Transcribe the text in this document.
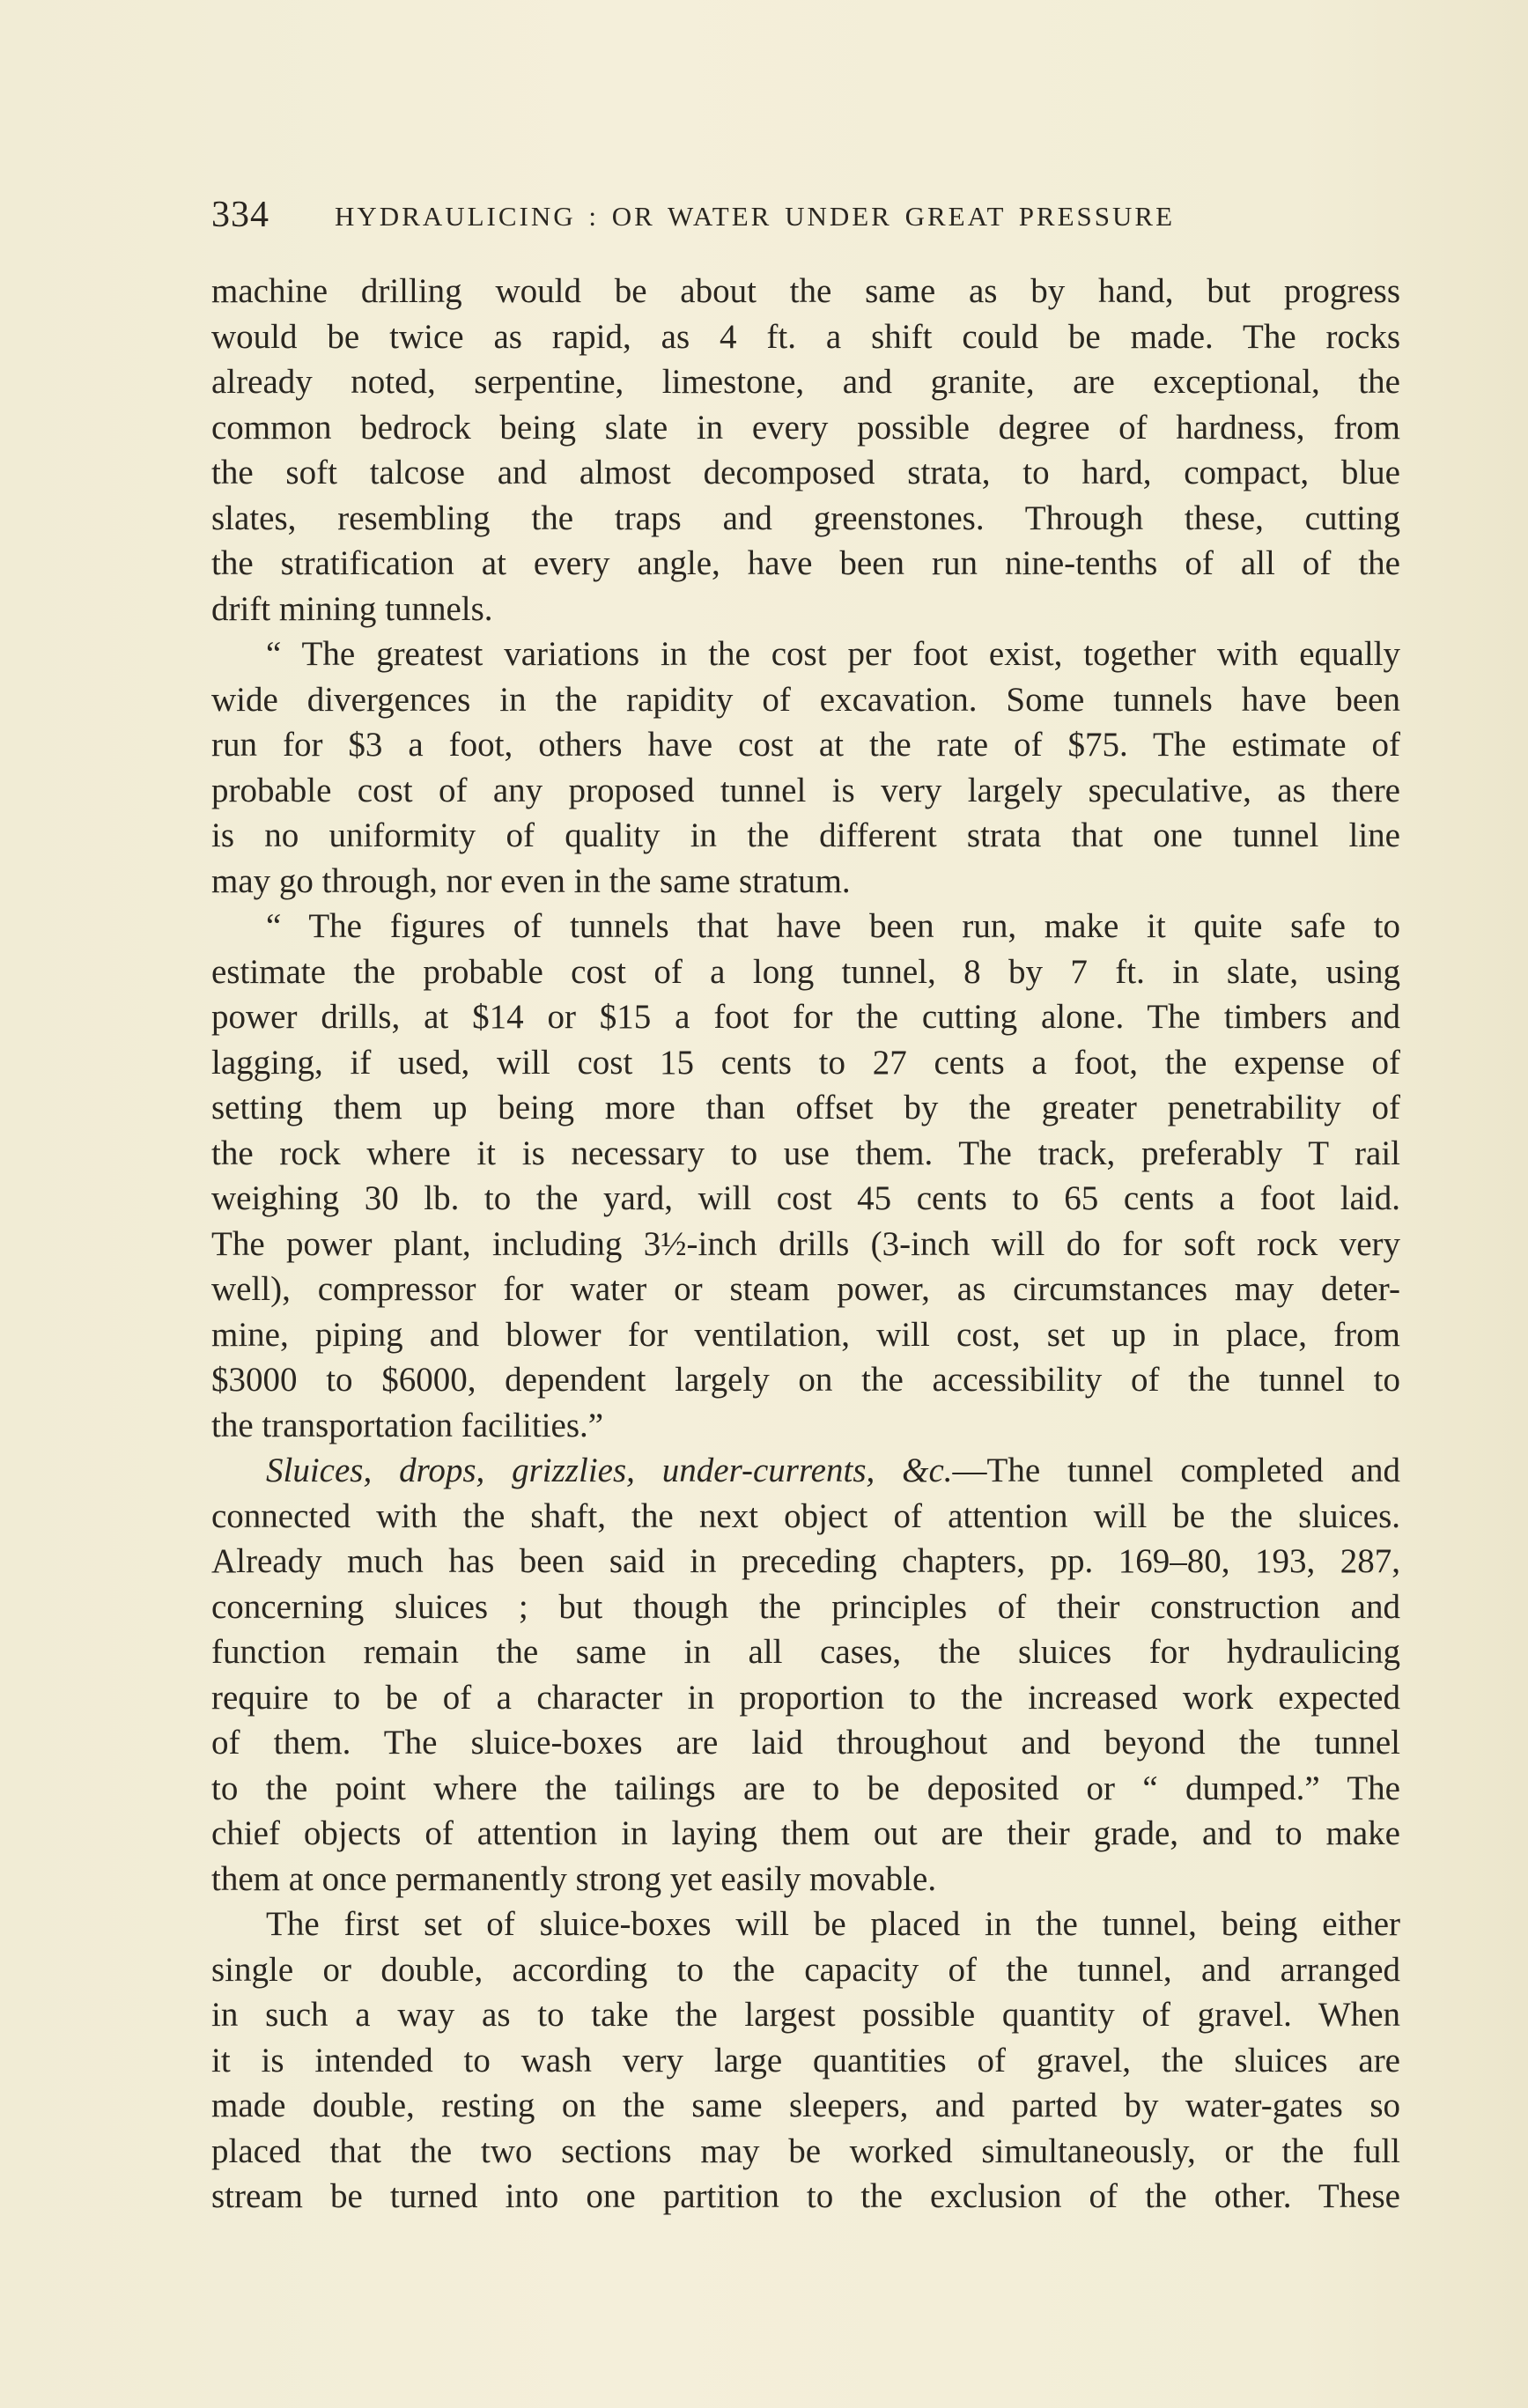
334 HYDRAULICING : OR WATER UNDER GREAT PRESSURE
machine drilling would be about the same as by hand, but progress
would be twice as rapid, as 4 ft. a shift could be made. The rocks
already noted, serpentine, limestone, and granite, are exceptional, the
common bedrock being slate in every possible degree of hardness, from
the soft talcose and almost decomposed strata, to hard, compact, blue
slates, resembling the traps and greenstones. Through these, cutting
the stratification at every angle, have been run nine-tenths of all of the
drift mining tunnels.
“ The greatest variations in the cost per foot exist, together with equally
wide divergences in the rapidity of excavation. Some tunnels have been
run for $3 a foot, others have cost at the rate of $75. The estimate of
probable cost of any proposed tunnel is very largely speculative, as there
is no uniformity of quality in the different strata that one tunnel line
may go through, nor even in the same stratum.
“ The figures of tunnels that have been run, make it quite safe to
estimate the probable cost of a long tunnel, 8 by 7 ft. in slate, using
power drills, at $14 or $15 a foot for the cutting alone. The timbers and
lagging, if used, will cost 15 cents to 27 cents a foot, the expense of
setting them up being more than offset by the greater penetrability of
the rock where it is necessary to use them. The track, preferably T rail
weighing 30 lb. to the yard, will cost 45 cents to 65 cents a foot laid.
The power plant, including 3½-inch drills (3-inch will do for soft rock very
well), compressor for water or steam power, as circumstances may deter-
mine, piping and blower for ventilation, will cost, set up in place, from
$3000 to $6000, dependent largely on the accessibility of the tunnel to
the transportation facilities.”
Sluices, drops, grizzlies, under-currents, &c.—The tunnel completed and
connected with the shaft, the next object of attention will be the sluices.
Already much has been said in preceding chapters, pp. 169–80, 193, 287,
concerning sluices ; but though the principles of their construction and
function remain the same in all cases, the sluices for hydraulicing
require to be of a character in proportion to the increased work expected
of them. The sluice-boxes are laid throughout and beyond the tunnel
to the point where the tailings are to be deposited or “ dumped.” The
chief objects of attention in laying them out are their grade, and to make
them at once permanently strong yet easily movable.
The first set of sluice-boxes will be placed in the tunnel, being either
single or double, according to the capacity of the tunnel, and arranged
in such a way as to take the largest possible quantity of gravel. When
it is intended to wash very large quantities of gravel, the sluices are
made double, resting on the same sleepers, and parted by water-gates so
placed that the two sections may be worked simultaneously, or the full
stream be turned into one partition to the exclusion of the other. These
